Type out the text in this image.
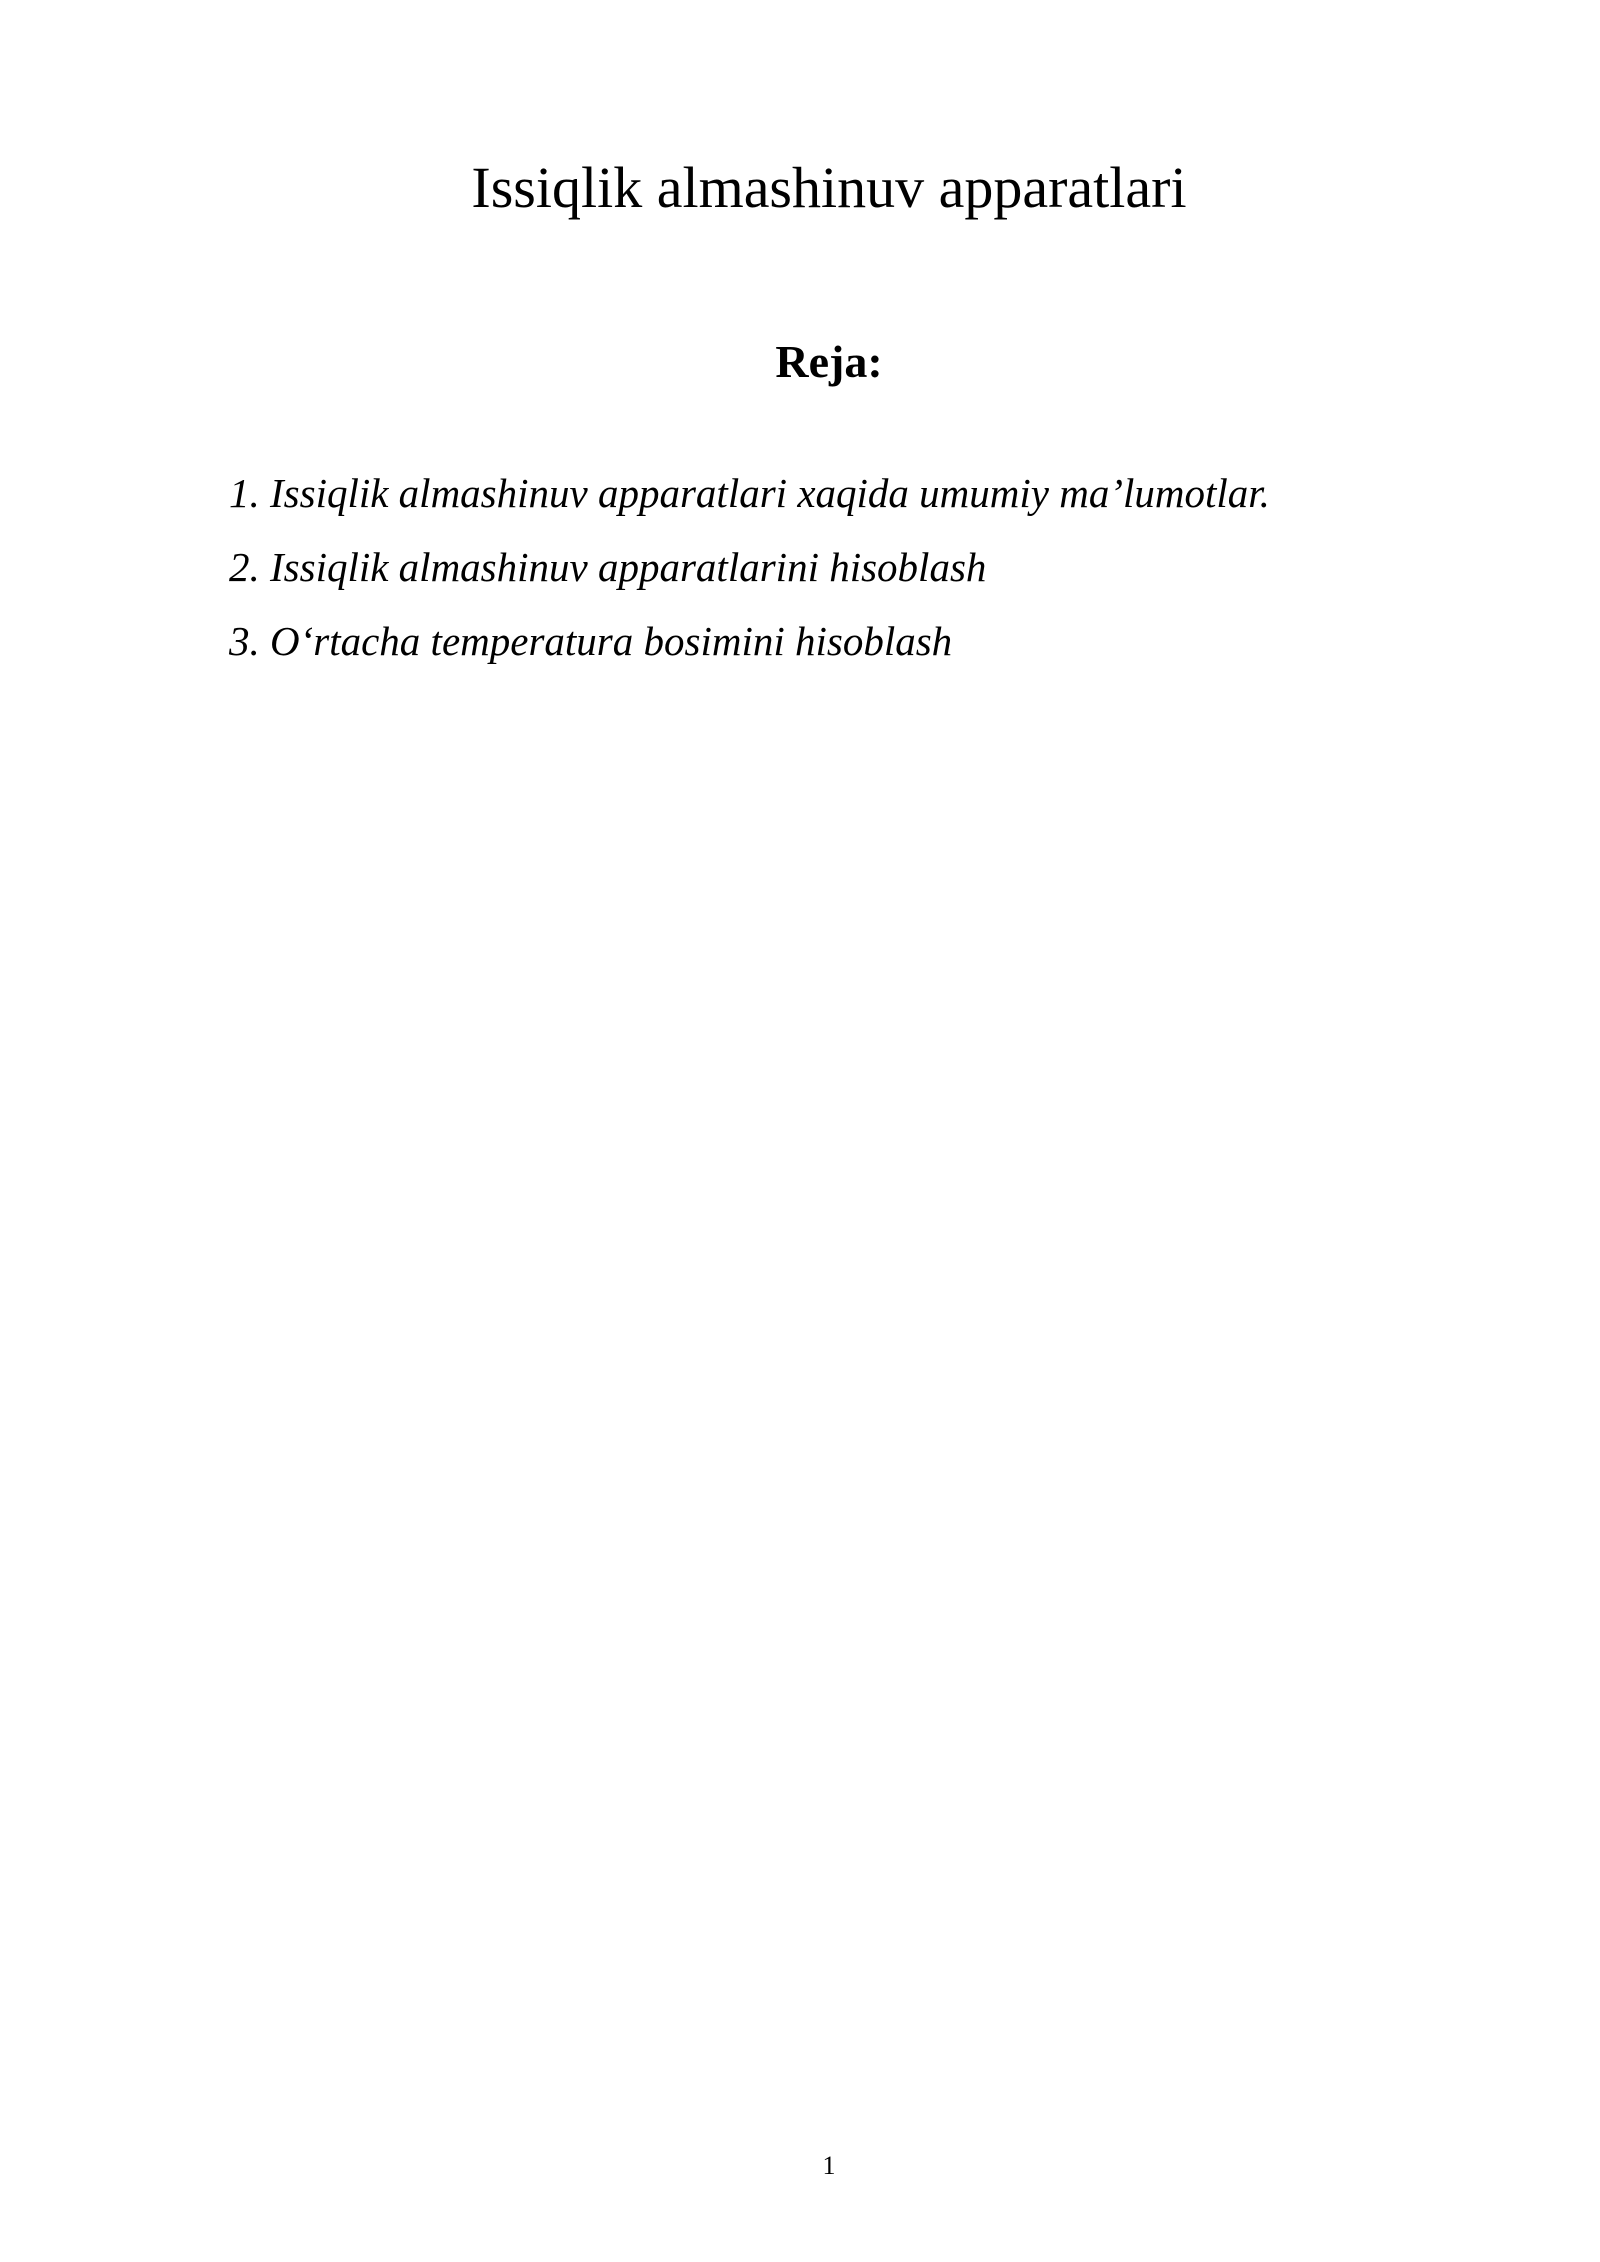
Issiqlik almashinuv apparatlari
Reja:
1. Issiqlik almashinuv apparatlari xaqida umumiy ma’lumotlar.
2. Issiqlik almashinuv apparatlarini hisoblash
3. O‘rtacha temperatura bosimini hisoblash
1
